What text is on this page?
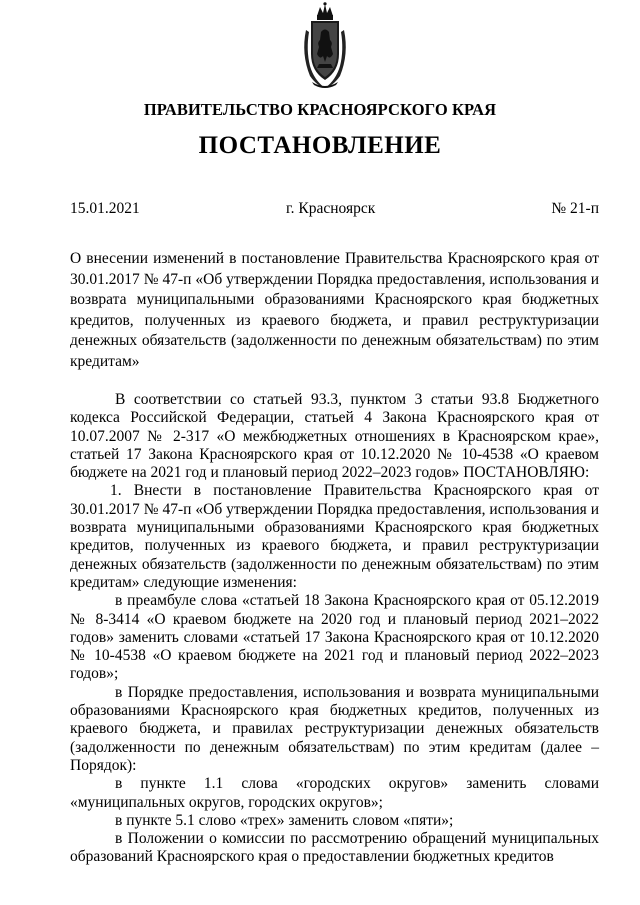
ПРАВИТЕЛЬСТВО КРАСНОЯРСКОГО КРАЯ
ПОСТАНОВЛЕНИЕ
15.01.2021	г. Красноярск	№ 21-п
О внесении изменений в постановление Правительства Красноярского края от 30.01.2017 № 47-п «Об утверждении Порядка предоставления, использования и возврата муниципальными образованиями Красноярского края бюджетных кредитов, полученных из краевого бюджета, и правил реструктуризации денежных обязательств (задолженности по денежным обязательствам) по этим кредитам»

В соответствии со статьей 93.3, пунктом 3 статьи 93.8 Бюджетного кодекса Российской Федерации, статьей 4 Закона Красноярского края от 10.07.2007 № 2-317 «О межбюджетных отношениях в Красноярском крае», статьей 17 Закона Красноярского края от 10.12.2020 № 10-4538 «О краевом бюджете на 2021 год и плановый период 2022–2023 годов» ПОСТАНОВЛЯЮ:

1. Внести в постановление Правительства Красноярского края от 30.01.2017 № 47-п «Об утверждении Порядка предоставления, использования и возврата муниципальными образованиями Красноярского края бюджетных кредитов, полученных из краевого бюджета, и правил реструктуризации денежных обязательств (задолженности по денежным обязательствам) по этим кредитам» следующие изменения:

в преамбуле слова «статьей 18 Закона Красноярского края от 05.12.2019 № 8-3414 «О краевом бюджете на 2020 год и плановый период 2021–2022 годов» заменить словами «статьей 17 Закона Красноярского края от 10.12.2020 № 10-4538 «О краевом бюджете на 2021 год и плановый период 2022–2023 годов»;

в Порядке предоставления, использования и возврата муниципальными образованиями Красноярского края бюджетных кредитов, полученных из краевого бюджета, и правилах реструктуризации денежных обязательств (задолженности по денежным обязательствам) по этим кредитам (далее – Порядок):

в пункте 1.1 слова «городских округов» заменить словами «муниципальных округов, городских округов»;

в пункте 5.1 слово «трех» заменить словом «пяти»;

в Положении о комиссии по рассмотрению обращений муниципальных образований Красноярского края о предоставлении бюджетных кредитов
